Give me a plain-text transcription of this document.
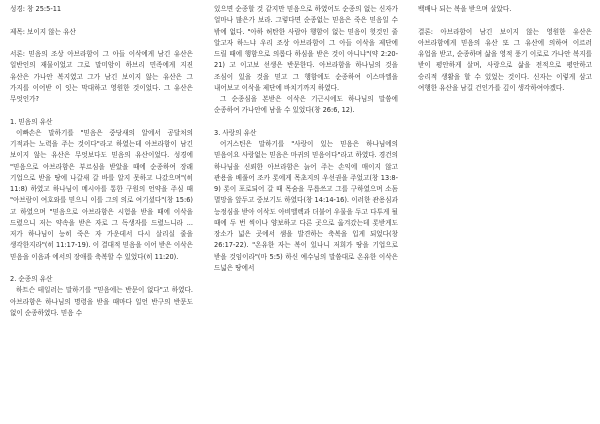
성경: 창 25:5-11

제목: 보이지 않는 유산

서론: 믿음의 조상 아브라함이 그 아들 이삭에게 남긴 유산은 일반인의 재물이었고 그로 말미암이 하브리 민족에게 지진 유산은 가나안 복지였고 그가 남긴 보이지 않는 유산은 그 가지를 이어받 이 잇는 막대하고 영원한 것이었다. 그 유산은 무엇인가?

1. 믿음의 유산

이빠손은 말하기를 "믿음은 중당새의 알에서 공달처의 기적과는 노력을 주는 것이다"라고 하였는데 아브라함이 남긴 보이지 않는 유산은 무엇보다도 믿음의 유산이었다. 성경에 "믿음으로 아브라함은 부르심을 받았을 때에 순종하여 장래 기업으로 받을 땅에 나갈새 갈 바를 알지 못하고 나갔으며"(히 11:8) 하였고 하나님이 메시아를 통한 구원의 언약을 주심 때 "아브람이 여호와를 믿으니 이를 그의 의로 여기셨다"(창 15:6)고 하였으며 "믿음으로 아브라함은 시험을 받을 때에 이삭을 드렸으니 저는 약속을 받은 자로 그 독생자를 드렸느니라 ... 저가 하나님이 능히 죽은 자 가운데서 다시 살리실 줄을 생각한지라"(히 11:17-19). 이 결대적 믿음을 이어 받은 이삭은 믿음을 이음과 에서의 장애를 축복할 수 있었다(히 11:20).

2. 순종의 유산

하트슨 테일러는 말하기를 "믿음에는 반문이 없다"고 하였다. 아브라함은 하나님의 명령을 받을 때마다 일언 반구의 반문도 없이 순종하였다. 믿음 수

있으면 순종할 것 같지만 믿음으로 하였어도 순종의 없는 신자가 얼마나 많은가 보라. 그렇다면 순종없는 믿음은 죽은 믿음일 수 밖에 없다. "아하 허탄한 사람아 행함이 없는 믿음이 헛것인 줄 알고자 하느냐 우리 조상 아브라함이 그 아들 이삭을 제단에 드릴 때에 행함으로 의롭다 하심을 받은 것이 아니냐"(약 2:20-21) 고 이고보 선생은 반문한다. 아브라함을 하나님의 것을 조심이 있을 것을 믿고 그 행함에도 순종하여 이스마엘을 내어보고 이삭을 제단에 바치기까지 하였다.

그 순종심을 본받은 이삭은 기근시에도 하나님의 말씀에 순종하여 가나안에 남을 수 있었다(창 26:6, 12).

3. 사랑의 유산

어거스틴은 말하기를 "사랑이 있는 믿음은 하나님에의 믿음이요 사랑없는 믿음은 마귀의 믿음이다"라고 하였다. 경건의 하나님을 신뢰한 아브라함은 늙어 주는 손익에 매이지 않고 관용을 베풀어 조카 롯에게 목초지의 우선권을 주었고(창 13:8-9) 롯이 포로되어 갈 때 목숨을 무릅쓰고 그를 구하였으며 소돔 멸망을 앞두고 중보기도 하였다(창 14:14-16). 이러한 관용심과 능정심을 받아 이삭도 아비멜렉과 더불어 우물을 두고 다투게 될 때에 두 번 씩이나 양보하고 다른 곳으로 옮겨갔는데 롯받게도 장소가 넓은 곳에서 샘을 발견하는 축복을 입게 되었다(창 26:17-22). "온유한 자는 복이 있나니 저희가 땅을 기업으로 받을 것임이라"(마 5:5) 하신 예수님의 말씀대로 온유한 이삭은 드넓은 땅에서

백배나 되는 복을 받으며 살았다.

결론: 아브라함이 남긴 보이지 않는 영원한 유산은 아브라함에게 믿음의 유산 또 그 유산에 의하여 이르러 유업을 받고, 순종하며 삶을 영적 풍기 이로로 가나안 복지를 받이 평안하게 살며, 사랑으로 삶을 전적으로 평안하고 승리적 생활을 할 수 있었는 것이다. 신자는 이렇게 삼고 여행한 유산을 남길 건인가를 깊이 생각하여야겠다.
